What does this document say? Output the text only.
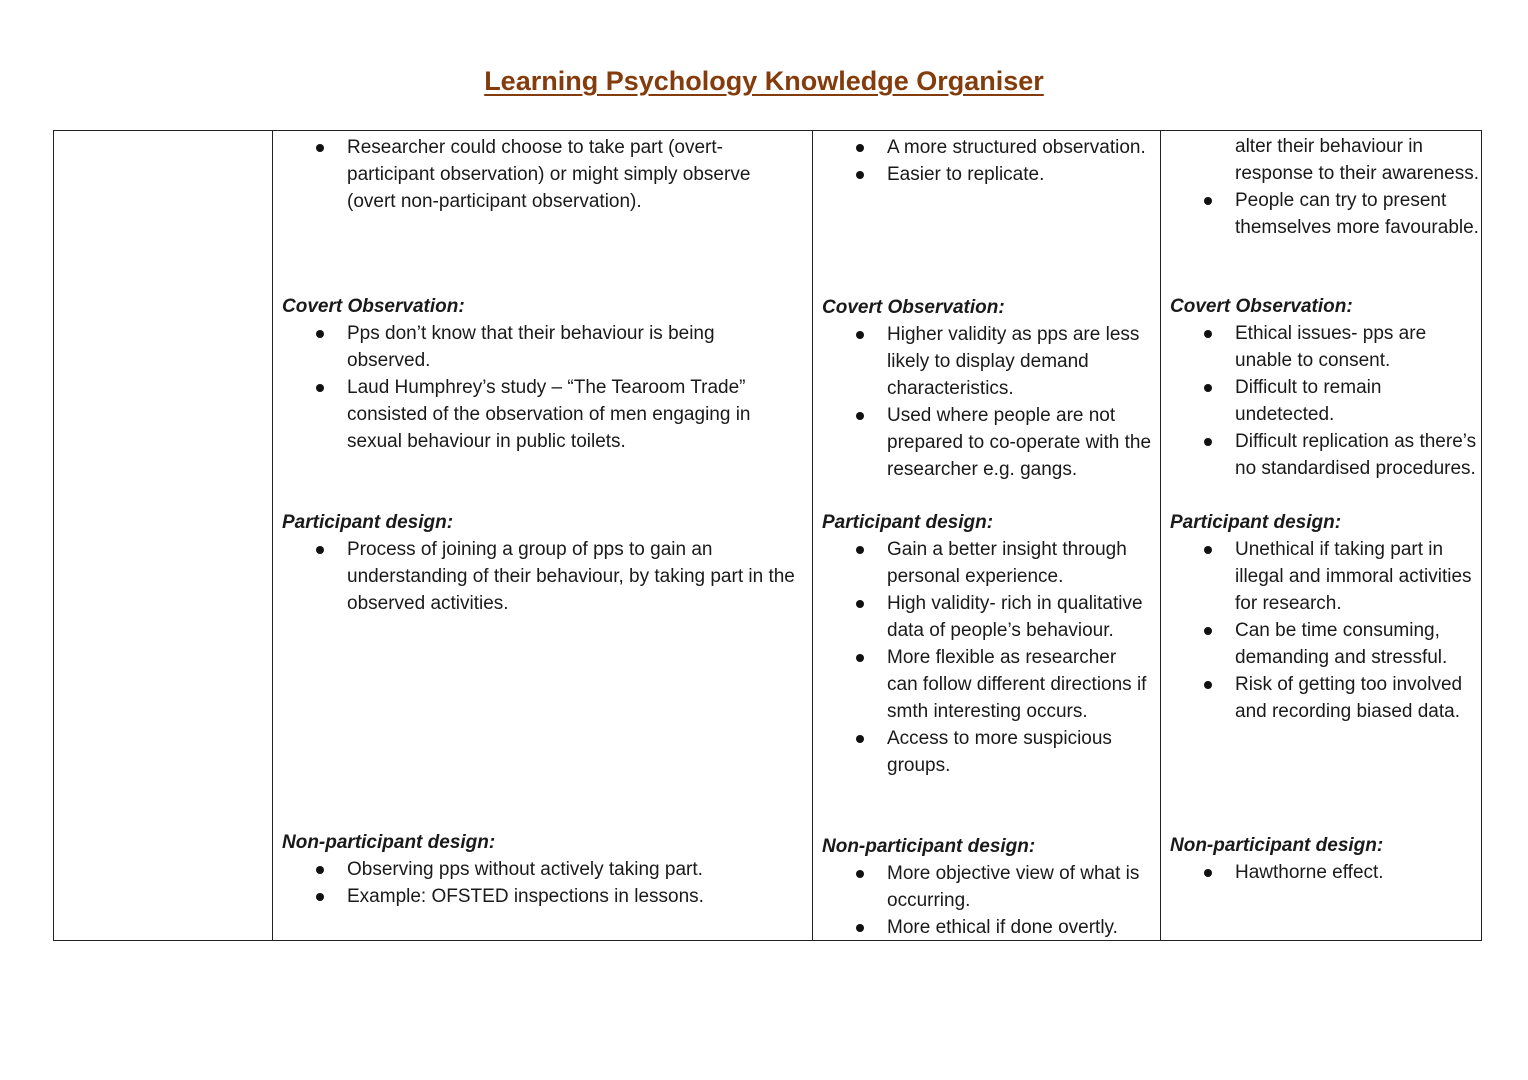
Learning Psychology Knowledge Organiser
Researcher could choose to take part (overt-participant observation) or might simply observe (overt non-participant observation).
Covert Observation:
Pps don’t know that their behaviour is being observed.
Laud Humphrey’s study – “The Tearoom Trade” consisted of the observation of men engaging in sexual behaviour in public toilets.
Participant design:
Process of joining a group of pps to gain an understanding of their behaviour, by taking part in the observed activities.
Non-participant design:
Observing pps without actively taking part.
Example: OFSTED inspections in lessons.
A more structured observation.
Easier to replicate.
Covert Observation:
Higher validity as pps are less likely to display demand characteristics.
Used where people are not prepared to co-operate with the researcher e.g. gangs.
Participant design:
Gain a better insight through personal experience.
High validity- rich in qualitative data of people’s behaviour.
More flexible as researcher can follow different directions if smth interesting occurs.
Access to more suspicious groups.
Non-participant design:
More objective view of what is occurring.
More ethical if done overtly.
alter their behaviour in response to their awareness.
People can try to present themselves more favourable.
Covert Observation:
Ethical issues- pps are unable to consent.
Difficult to remain undetected.
Difficult replication as there’s no standardised procedures.
Participant design:
Unethical if taking part in illegal and immoral activities for research.
Can be time consuming, demanding and stressful.
Risk of getting too involved and recording biased data.
Non-participant design:
Hawthorne effect.
